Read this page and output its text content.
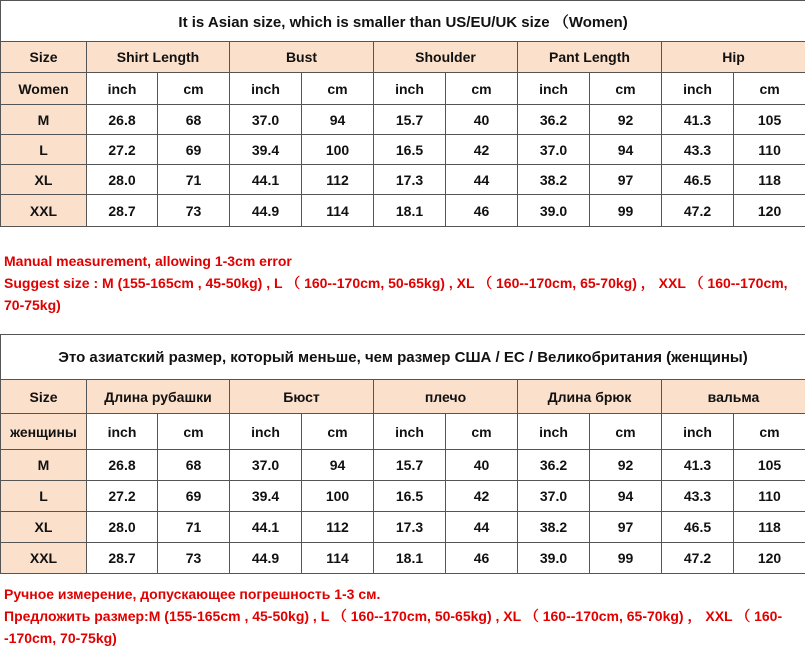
It is Asian size, which is smaller than US/EU/UK size （Women)										
Size	Shirt Length		Bust		Shoulder		Pant Length		Hip	
Women	inch	cm	inch	cm	inch	cm	inch	cm	inch	cm
M	26.8	68	37.0	94	15.7	40	36.2	92	41.3	105
L	27.2	69	39.4	100	16.5	42	37.0	94	43.3	110
XL	28.0	71	44.1	112	17.3	44	38.2	97	46.5	118
XXL	28.7	73	44.9	114	18.1	46	39.0	99	47.2	120
Manual measurement, allowing 1-3cm error
Suggest size : M (155-165cm , 45-50kg) , L （ 160--170cm, 50-65kg) , XL （ 160--170cm, 65-70kg) ， XXL （ 160--170cm, 70-75kg)
Это азиатский размер, который меньше, чем размер США / EC / Великобритания (женщины)										
Size	Длина рубашки		Бюст		плечо		Длина брюк		вальма	
женщины	inch	cm	inch	cm	inch	cm	inch	cm	inch	cm
M	26.8	68	37.0	94	15.7	40	36.2	92	41.3	105
L	27.2	69	39.4	100	16.5	42	37.0	94	43.3	110
XL	28.0	71	44.1	112	17.3	44	38.2	97	46.5	118
XXL	28.7	73	44.9	114	18.1	46	39.0	99	47.2	120
Ручное измерение, допускающее погрешность 1-3 см.
Предложить размер:M (155-165cm , 45-50kg) , L （ 160--170cm, 50-65kg) , XL （ 160--170cm, 65-70kg) ， XXL （ 160--170cm, 70-75kg)
